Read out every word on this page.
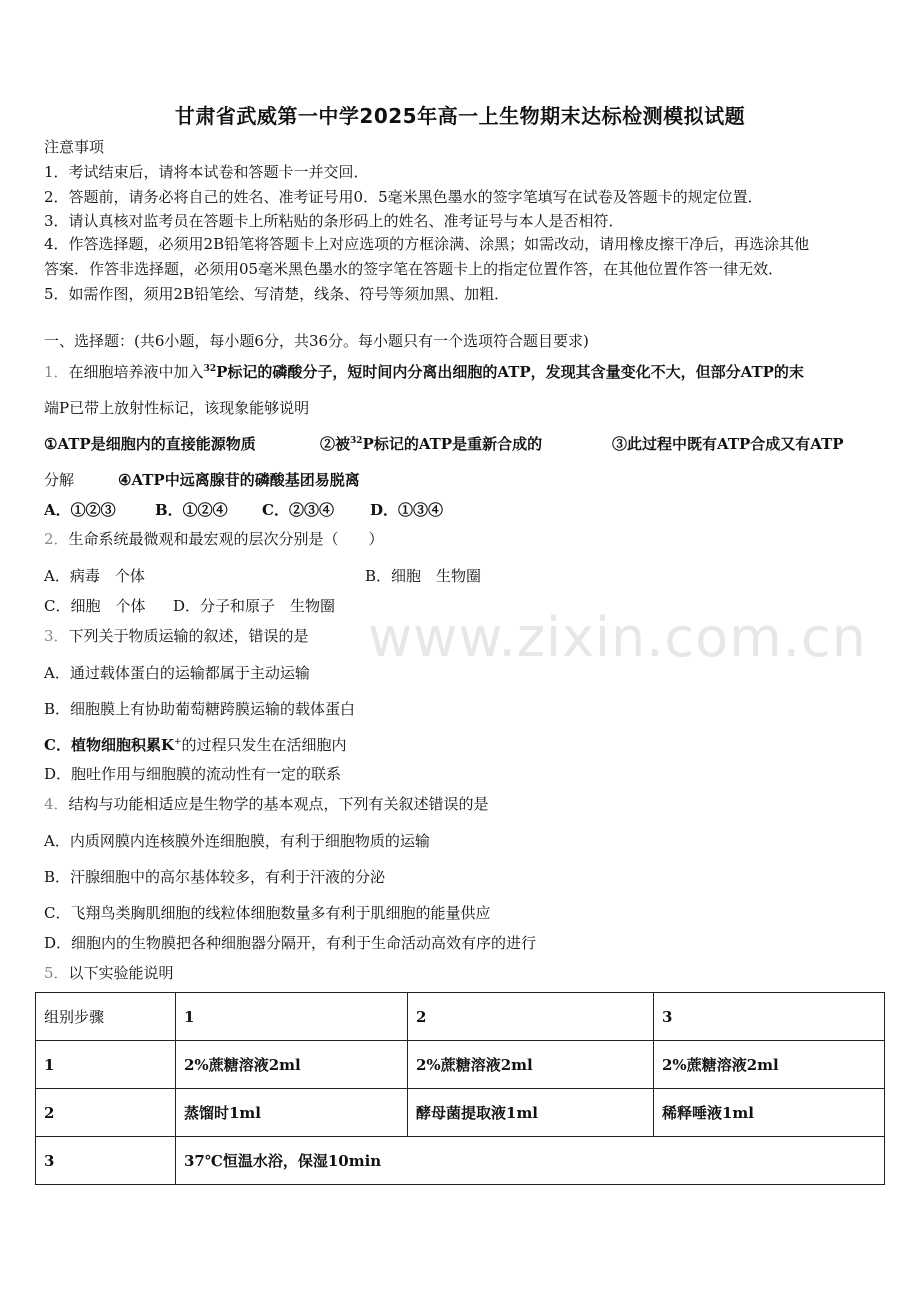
www.zixin.com.cn
甘肃省武威第一中学2025年高一上生物期末达标检测模拟试题
注意事项
1．考试结束后，请将本试卷和答题卡一并交回．
2．答题前，请务必将自己的姓名、准考证号用0．5毫米黑色墨水的签字笔填写在试卷及答题卡的规定位置．
3．请认真核对监考员在答题卡上所粘贴的条形码上的姓名、准考证号与本人是否相符．
4．作答选择题，必须用2B铅笔将答题卡上对应选项的方框涂满、涂黑；如需改动，请用橡皮擦干净后，再选涂其他
答案．作答非选择题，必须用05毫米黑色墨水的签字笔在答题卡上的指定位置作答，在其他位置作答一律无效．
5．如需作图，须用2B铅笔绘、写清楚，线条、符号等须加黑、加粗．
一、选择题：(共6小题，每小题6分，共36分。每小题只有一个选项符合题目要求)
1．在细胞培养液中加入$^{32}$P标记的磷酸分子，短时间内分离出细胞的ATP，发现其含量变化不大，但部分ATP的末
端P已带上放射性标记，该现象能够说明
①ATP是细胞内的直接能源物质	②被$^{32}$P标记的ATP是重新合成的	③此过程中既有ATP合成又有ATP
分解	④ATP中远离腺苷的磷酸基团易脱离
A．①②③	B．①②④ C．②③④ D．①③④
2．生命系统最微观和最宏观的层次分别是（　　）
A．病毒　个体	B．细胞　生物圈
C．细胞　个体 D．分子和原子　生物圈
3．下列关于物质运输的叙述，错误的是
A．通过载体蛋白的运输都属于主动运输
B．细胞膜上有协助葡萄糖跨膜运输的载体蛋白
C．植物细胞积累K+的过程只发生在活细胞内
D．胞吐作用与细胞膜的流动性有一定的联系
4．结构与功能相适应是生物学的基本观点，下列有关叙述错误的是
A．内质网膜内连核膜外连细胞膜，有利于细胞物质的运输
B．汗腺细胞中的高尔基体较多，有利于汗液的分泌
C．飞翔鸟类胸肌细胞的线粒体细胞数量多有利于肌细胞的能量供应
D．细胞内的生物膜把各种细胞器分隔开，有利于生命活动高效有序的进行
5．以下实验能说明
组别步骤	1	2	3
1	2%蔗糖溶液2ml	2%蔗糖溶液2ml	2%蔗糖溶液2ml
2	蒸馏时1ml	酵母菌提取液1ml	稀释唾液1ml
3	37℃恒温水浴，保湿10min		
